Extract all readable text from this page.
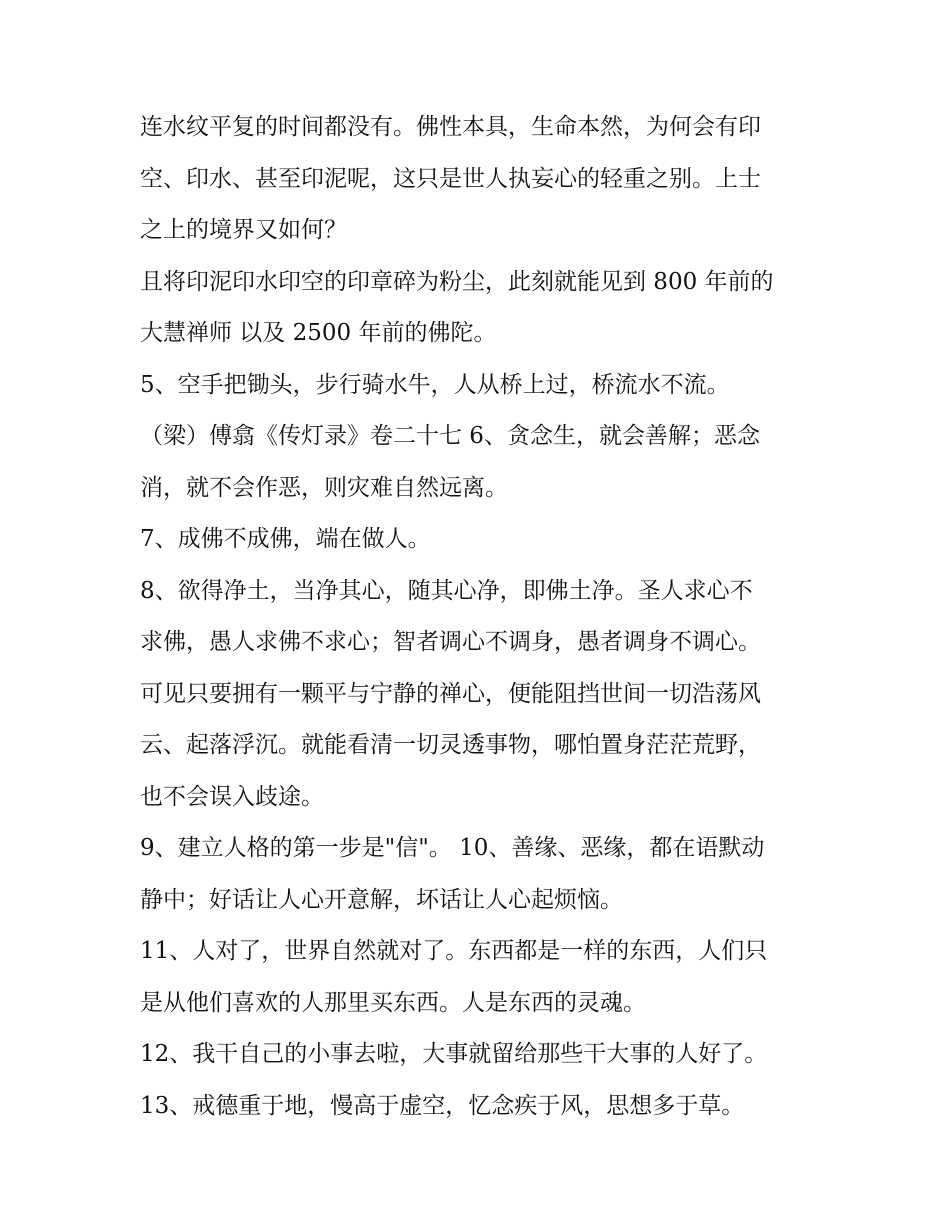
连水纹平复的时间都没有。佛性本具，生命本然，为何会有印
空、印水、甚至印泥呢，这只是世人执妄心的轻重之别。上士
之上的境界又如何？
且将印泥印水印空的印章碎为粉尘，此刻就能见到 800 年前的
大慧禅师 以及 2500 年前的佛陀。
5、空手把锄头，步行骑水牛，人从桥上过，桥流水不流。
（梁）傅翕《传灯录》卷二十七 6、贪念生，就会善解；恶念
消，就不会作恶，则灾难自然远离。
7、成佛不成佛，端在做人。
8、欲得净土，当净其心，随其心净，即佛土净。圣人求心不
求佛，愚人求佛不求心；智者调心不调身，愚者调身不调心。
可见只要拥有一颗平与宁静的禅心，便能阻挡世间一切浩荡风
云、起落浮沉。就能看清一切灵透事物，哪怕置身茫茫荒野，
也不会误入歧途。
9、建立人格的第一步是"信"。 10、善缘、恶缘，都在语默动
静中；好话让人心开意解，坏话让人心起烦恼。
11、人对了，世界自然就对了。东西都是一样的东西，人们只
是从他们喜欢的人那里买东西。人是东西的灵魂。
12、我干自己的小事去啦，大事就留给那些干大事的人好了。
13、戒德重于地，慢高于虚空，忆念疾于风，思想多于草。
